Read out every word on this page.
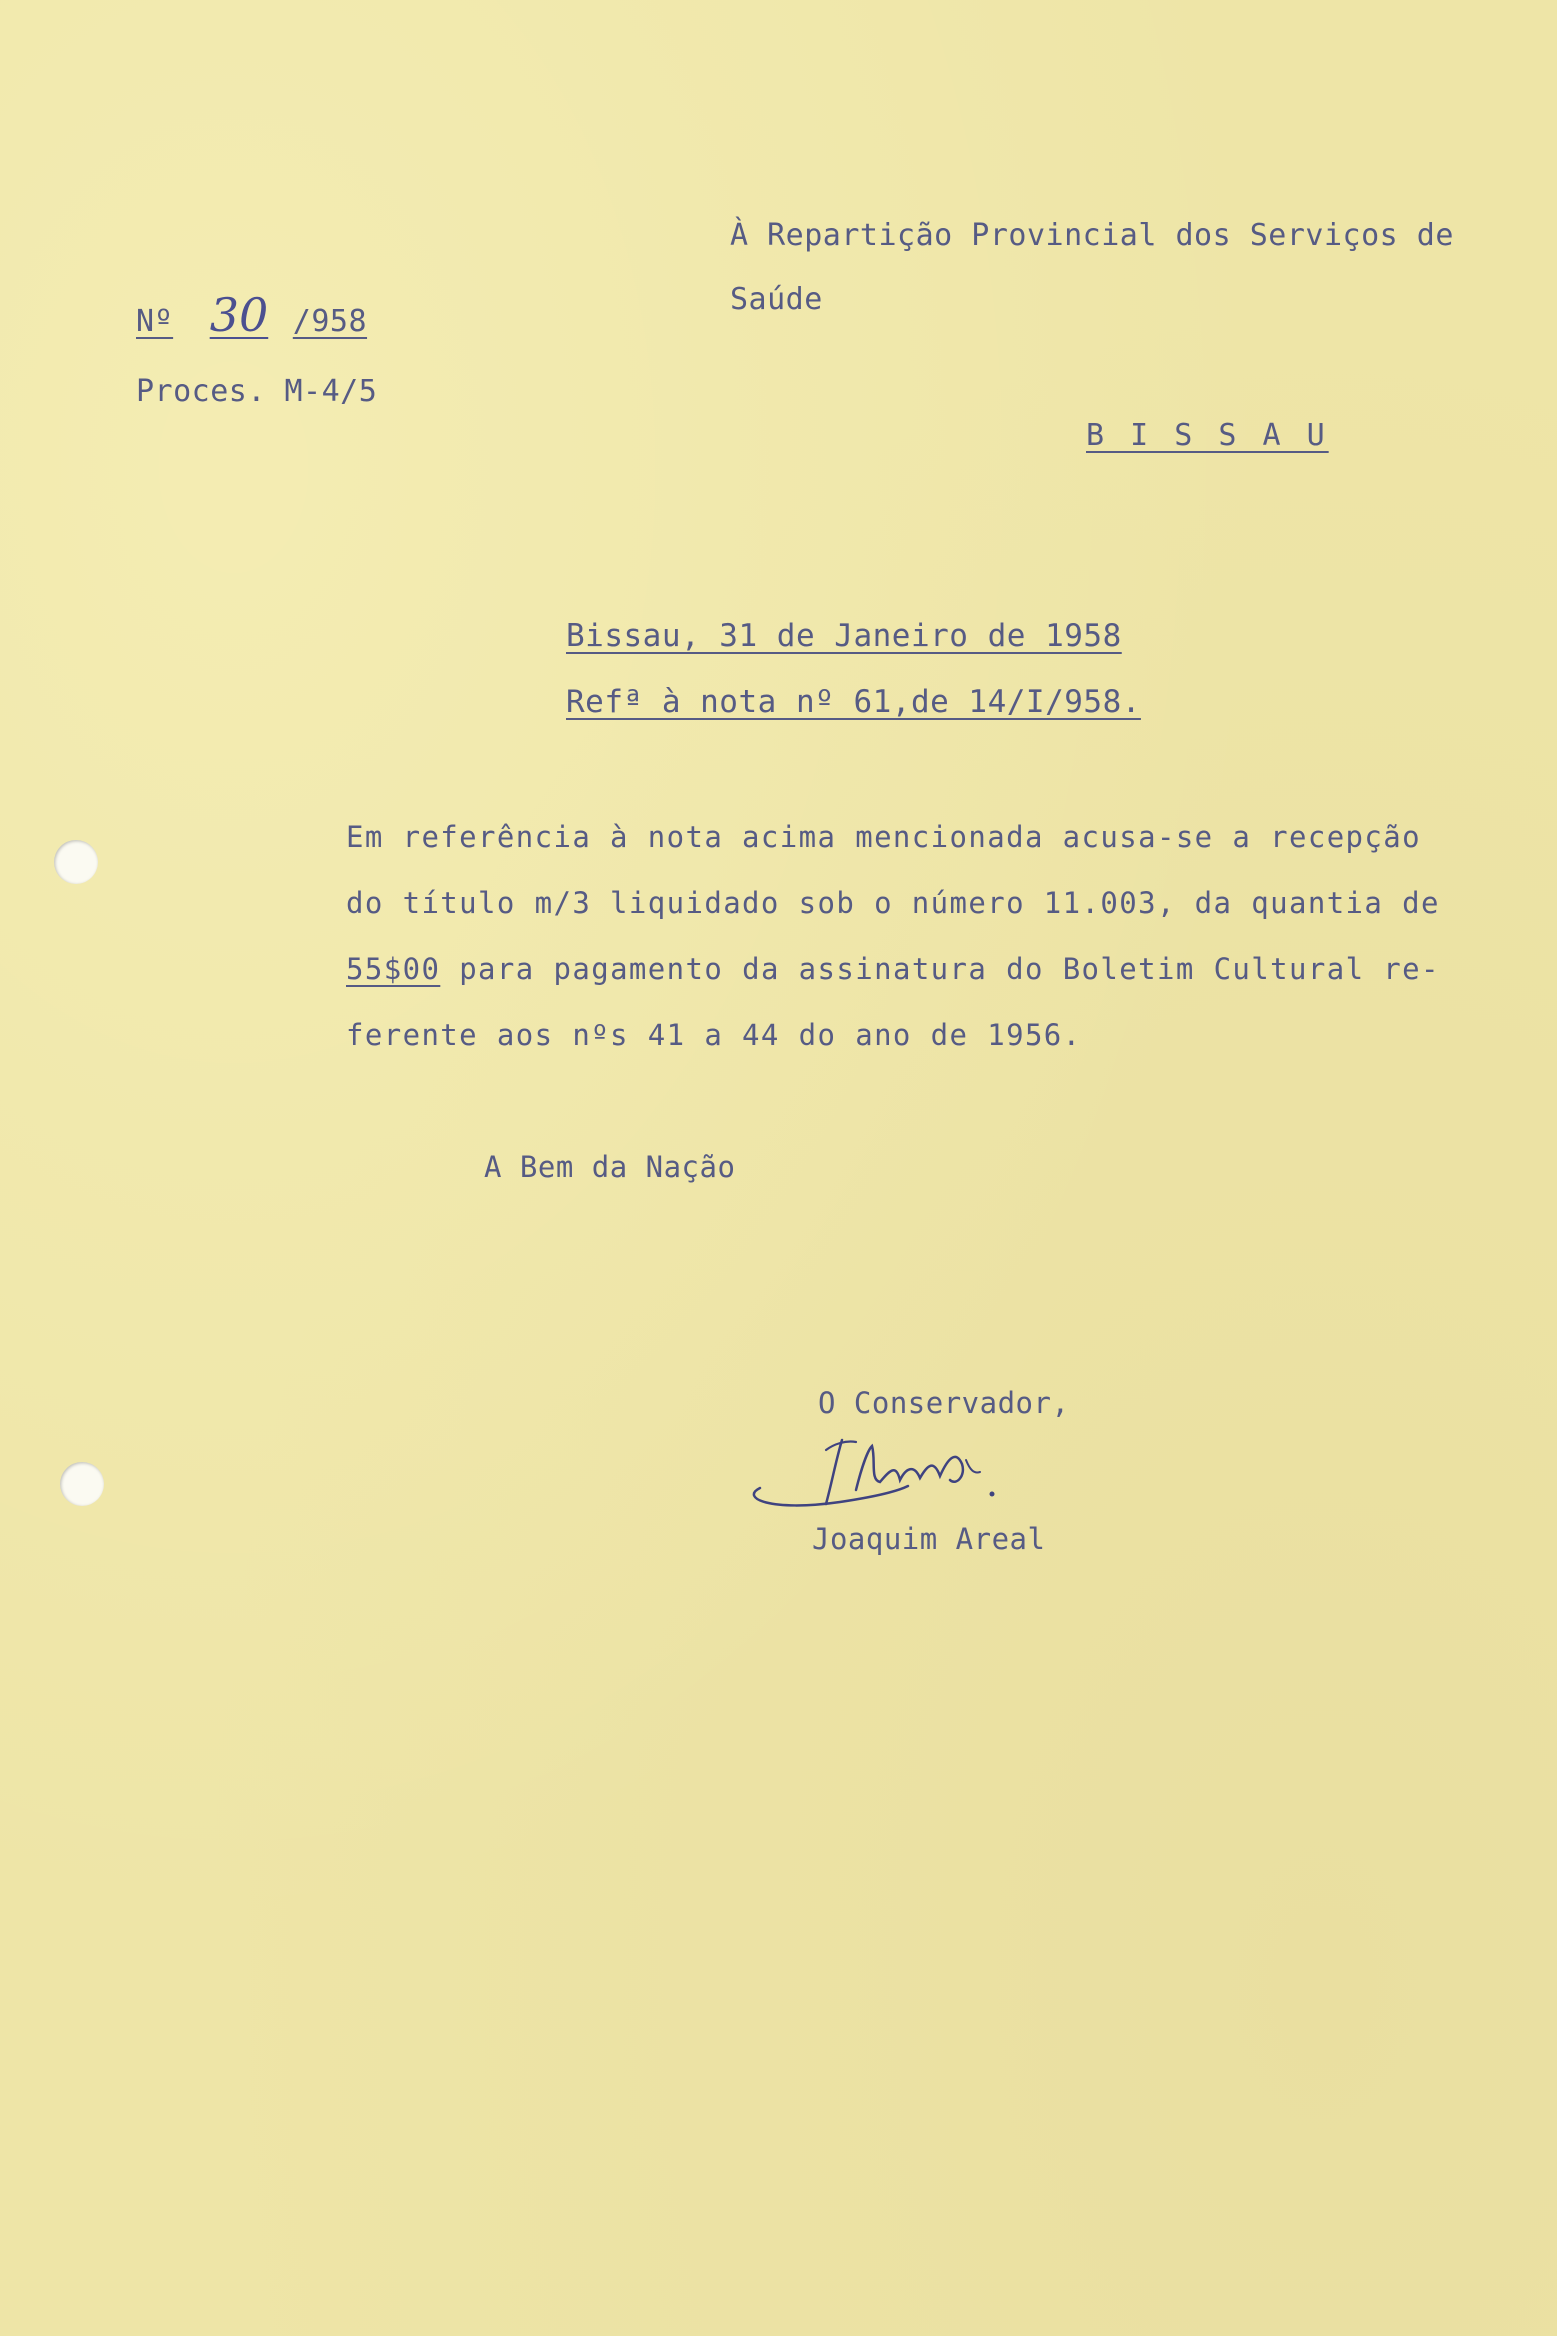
Nº 30 /958
Proces. M-4/5
À Repartição Provincial dos Serviços de
Saúde
B I S S A U
Bissau, 31 de Janeiro de 1958
Refª à nota nº 61,de 14/I/958.
Em referência à nota acima mencionada acusa-se a recepção
do título m/3 liquidado sob o número 11.003, da quantia de
55$00 para pagamento da assinatura do Boletim Cultural re-
ferente aos nºs 41 a 44 do ano de 1956.
A Bem da Nação
O Conservador,
Joaquim Areal
